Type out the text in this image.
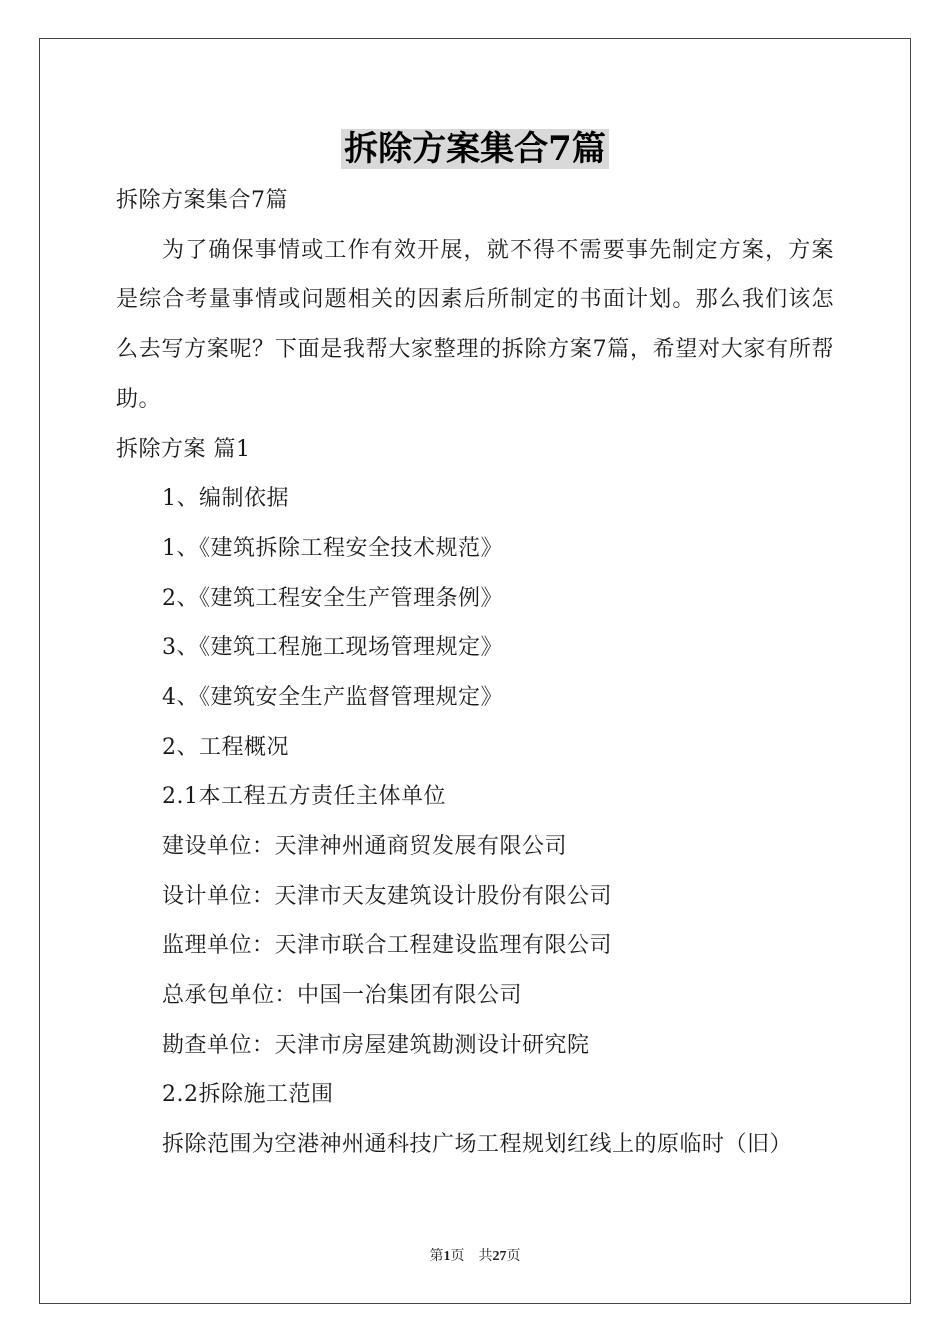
拆除方案集合7篇
拆除方案集合7篇

为了确保事情或工作有效开展，就不得不需要事先制定方案，方案是综合考量事情或问题相关的因素后所制定的书面计划。那么我们该怎么去写方案呢？下面是我帮大家整理的拆除方案7篇，希望对大家有所帮助。

拆除方案 篇1
1、编制依据
1、《建筑拆除工程安全技术规范》
2、《建筑工程安全生产管理条例》
3、《建筑工程施工现场管理规定》
4、《建筑安全生产监督管理规定》
2、工程概况
2.1本工程五方责任主体单位
建设单位：天津神州通商贸发展有限公司
设计单位：天津市天友建筑设计股份有限公司
监理单位：天津市联合工程建设监理有限公司
总承包单位：中国一冶集团有限公司
勘查单位：天津市房屋建筑勘测设计研究院
2.2拆除施工范围
拆除范围为空港神州通科技广场工程规划红线上的原临时（旧）
第1页　共27页
